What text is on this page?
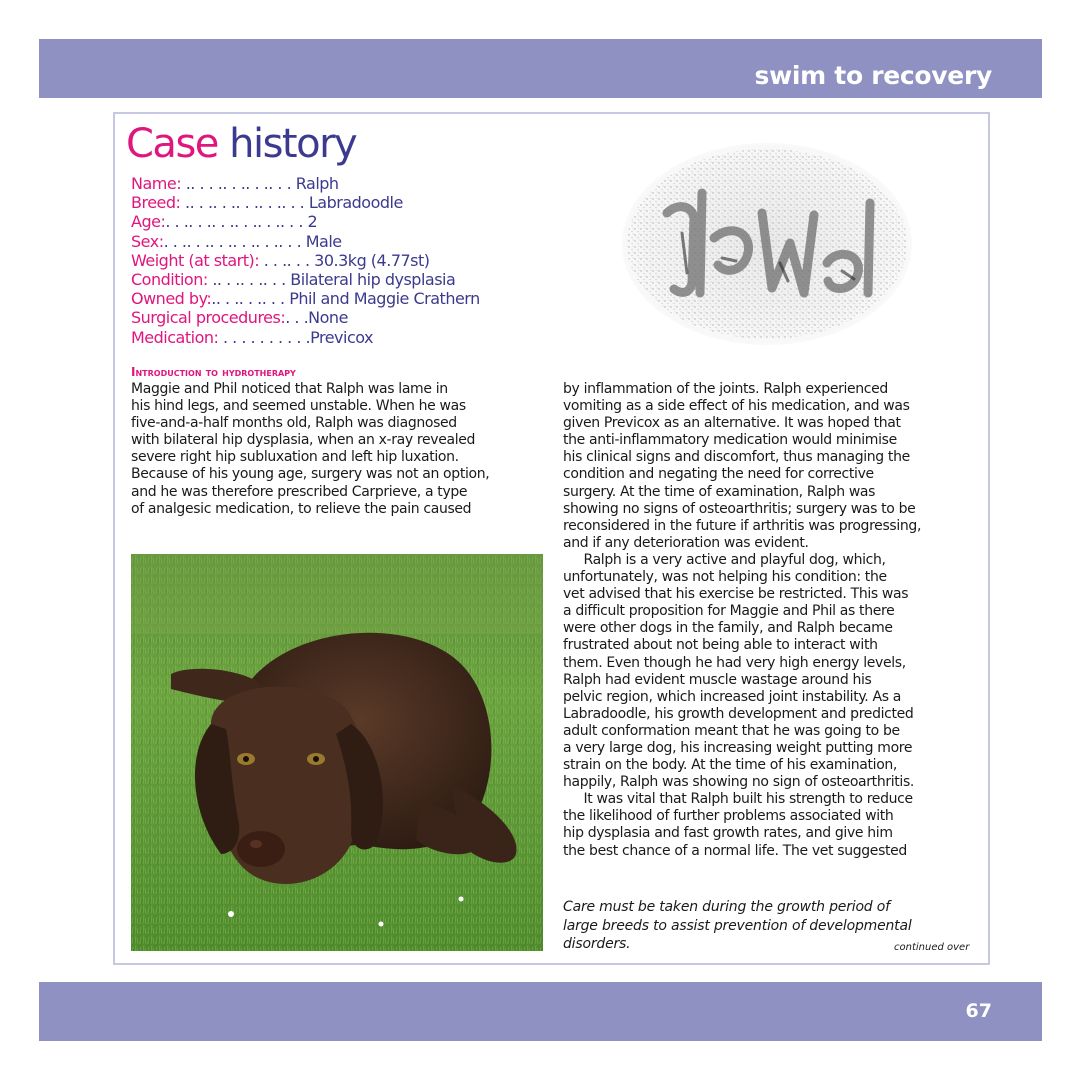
swim to recovery
Case history
Name: .. . . .. . .. . .. . . Ralph
Breed: .. . .. . .. . .. . .. . . Labradoodle
Age:. . .. . .. . .. . .. . .. . . 2
Sex:. . .. . .. . .. . .. . .. . . Male
Weight (at start): . . .. . . 30.3kg (4.77st)
Condition: .. . .. . .. . . Bilateral hip dysplasia
Owned by:.. . .. . .. . . Phil and Maggie Crathern
Surgical procedures:. . .None
Medication: . . . . . . . . . .Previcox
Introduction to hydrotherapy
Maggie and Phil noticed that Ralph was lame in
his hind legs, and seemed unstable. When he was
five-and-a-half months old, Ralph was diagnosed
with bilateral hip dysplasia, when an x-ray revealed
severe right hip subluxation and left hip luxation.
Because of his young age, surgery was not an option,
and he was therefore prescribed Carprieve, a type
of analgesic medication, to relieve the pain caused
by inflammation of the joints. Ralph experienced
vomiting as a side effect of his medication, and was
given Previcox as an alternative. It was hoped that
the anti-inflammatory medication would minimise
his clinical signs and discomfort, thus managing the
condition and negating the need for corrective
surgery. At the time of examination, Ralph was
showing no signs of osteoarthritis; surgery was to be
reconsidered in the future if arthritis was progressing,
and if any deterioration was evident.
Ralph is a very active and playful dog, which,
unfortunately, was not helping his condition: the
vet advised that his exercise be restricted. This was
a difficult proposition for Maggie and Phil as there
were other dogs in the family, and Ralph became
frustrated about not being able to interact with
them. Even though he had very high energy levels,
Ralph had evident muscle wastage around his
pelvic region, which increased joint instability. As a
Labradoodle, his growth development and predicted
adult conformation meant that he was going to be
a very large dog, his increasing weight putting more
strain on the body. At the time of his examination,
happily, Ralph was showing no sign of osteoarthritis.
It was vital that Ralph built his strength to reduce
the likelihood of further problems associated with
hip dysplasia and fast growth rates, and give him
the best chance of a normal life. The vet suggested
Care must be taken during the growth period of
large breeds to assist prevention of developmental
disorders.	continued over
67
